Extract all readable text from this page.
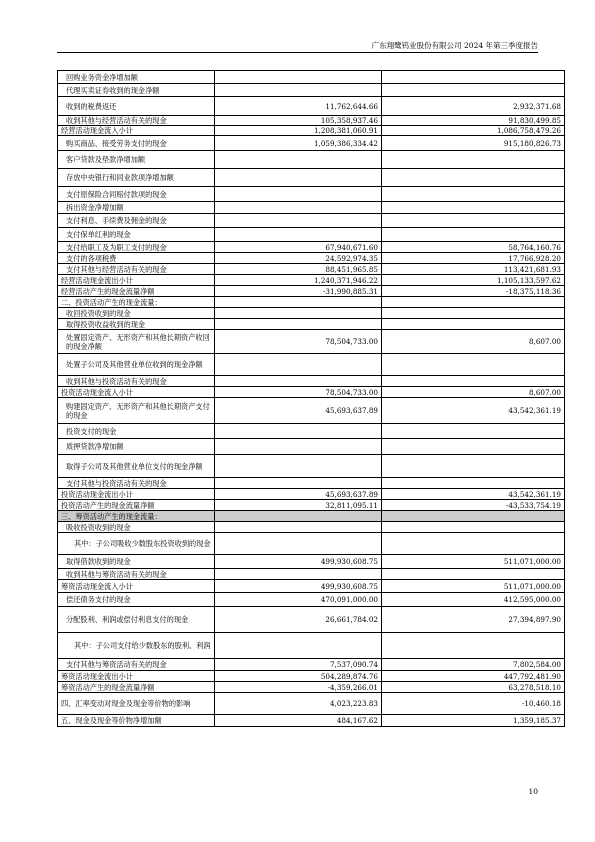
广东翔鹭钨业股份有限公司 2024 年第三季度报告
回购业务资金净增加额		
代理买卖证券收到的现金净额		
收到的税费返还	11,762,644.66	2,932,371.68
收到其他与经营活动有关的现金	105,358,937.46	91,830,499.85
经营活动现金流入小计	1,208,381,060.91	1,086,758,479.26
购买商品、接受劳务支付的现金	1,059,386,334.42	915,180,826.73
客户贷款及垫款净增加额		
存放中央银行和同业款项净增加额		
支付原保险合同赔付款项的现金		
拆出资金净增加额		
支付利息、手续费及佣金的现金		
支付保单红利的现金		
支付给职工及为职工支付的现金	67,940,671.60	58,764,160.76
支付的各项税费	24,592,974.35	17,766,928.20
支付其他与经营活动有关的现金	88,451,965.85	113,421,681.93
经营活动现金流出小计	1,240,371,946.22	1,105,133,597.62
经营活动产生的现金流量净额	-31,990,885.31	-18,375,118.36
二、投资活动产生的现金流量：		
收回投资收到的现金		
取得投资收益收到的现金		
处置固定资产、无形资产和其他长期资产收回的现金净额	78,504,733.00	8,607.00
处置子公司及其他营业单位收到的现金净额		
收到其他与投资活动有关的现金		
投资活动现金流入小计	78,504,733.00	8,607.00
购建固定资产、无形资产和其他长期资产支付的现金	45,693,637.89	43,542,361.19
投资支付的现金		
质押贷款净增加额		
取得子公司及其他营业单位支付的现金净额		
支付其他与投资活动有关的现金		
投资活动现金流出小计	45,693,637.89	43,542,361.19
投资活动产生的现金流量净额	32,811,095.11	-43,533,754.19
三、筹资活动产生的现金流量：		
吸收投资收到的现金		
其中：子公司吸收少数股东投资收到的现金		
取得借款收到的现金	499,930,608.75	511,071,000.00
收到其他与筹资活动有关的现金		
筹资活动现金流入小计	499,930,608.75	511,071,000.00
偿还债务支付的现金	470,091,000.00	412,595,000.00
分配股利、利润或偿付利息支付的现金	26,661,784.02	27,394,897.90
其中：子公司支付给少数股东的股利、利润		
支付其他与筹资活动有关的现金	7,537,090.74	7,802,584.00
筹资活动现金流出小计	504,289,874.76	447,792,481.90
筹资活动产生的现金流量净额	-4,359,266.01	63,278,518.10
四、汇率变动对现金及现金等价物的影响	4,023,223.83	-10,460.18
五、现金及现金等价物净增加额	484,167.62	1,359,185.37
10
